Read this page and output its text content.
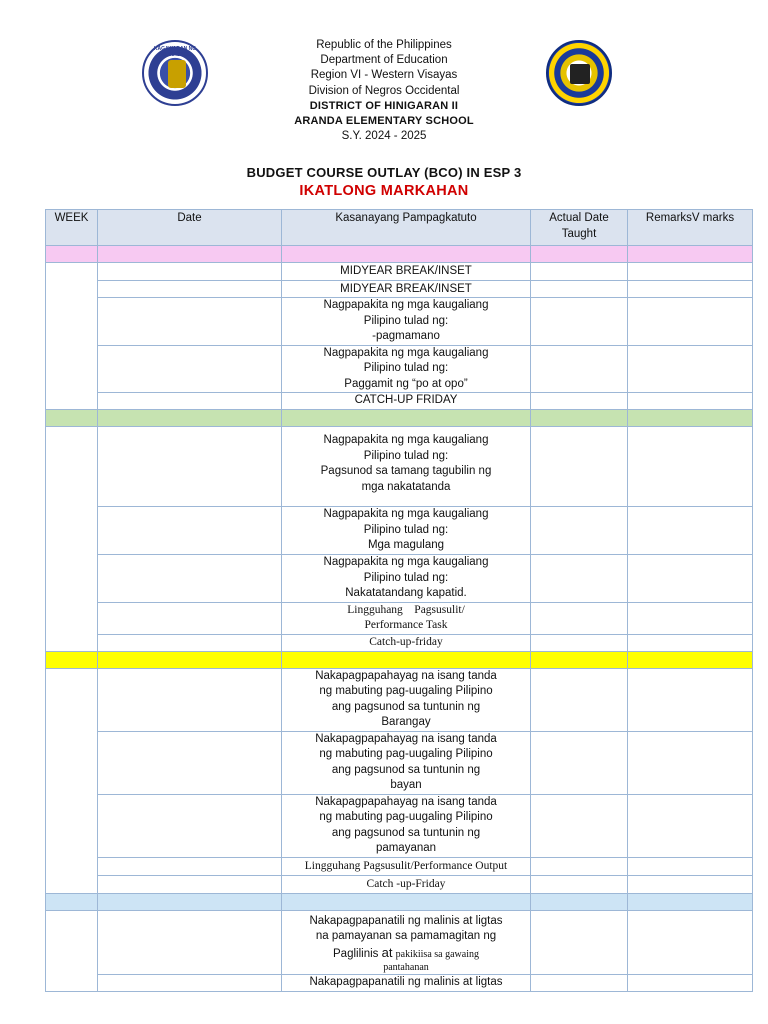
KAGAWARAN NG EDUKASYON
Republic of the Philippines
Department of Education
Region VI - Western Visayas
Division of Negros Occidental
DISTRICT OF HINIGARAN II
ARANDA ELEMENTARY SCHOOL
S.Y. 2024 - 2025
BUDGET COURSE OUTLAY (BCO) IN ESP 3
IKATLONG MARKAHAN
WEEK	Date	Kasanayang Pampagkatuto	Actual Date Taught	RemarksV marks

		MIDYEAR BREAK/INSET		
		MIDYEAR BREAK/INSET		

		Nagpapakita ng mga kaugaliang
Pilipino tulad ng:
-pagmamano		

		Nagpapakita ng mga kaugaliang
Pilipino tulad ng:
Paggamit ng “po at opo”		

		CATCH-UP FRIDAY		

		Nagpapakita ng mga kaugaliang
Pilipino tulad ng:
Pagsunod sa tamang tagubilin ng
mga nakatatanda		

		Nagpapakita ng mga kaugaliang
Pilipino tulad ng:
Mga magulang		

		Nagpapakita ng mga kaugaliang
Pilipino tulad ng:
Nakatatandang kapatid.		

		Lingguhang    Pagsusulit/
Performance Task		

		Catch-up-friday		

		Nakapagpapahayag na isang tanda
ng mabuting pag-uugaling Pilipino
ang pagsunod sa tuntunin ng
Barangay		

		Nakapagpapahayag na isang tanda
ng mabuting pag-uugaling Pilipino
ang pagsunod sa tuntunin ng
bayan		

		Nakapagpapahayag na isang tanda
ng mabuting pag-uugaling Pilipino
ang pagsunod sa tuntunin ng
pamayanan		

		Lingguhang Pagsusulit/Performance Output		
		Catch -up-Friday		

		Nakapagpapanatili ng malinis at ligtas
na pamayanan sa pamamagitan ng
Paglilinis at pakikiisa sa gawaing
pantahanan		

		Nakapagpapanatili ng malinis at ligtas		
